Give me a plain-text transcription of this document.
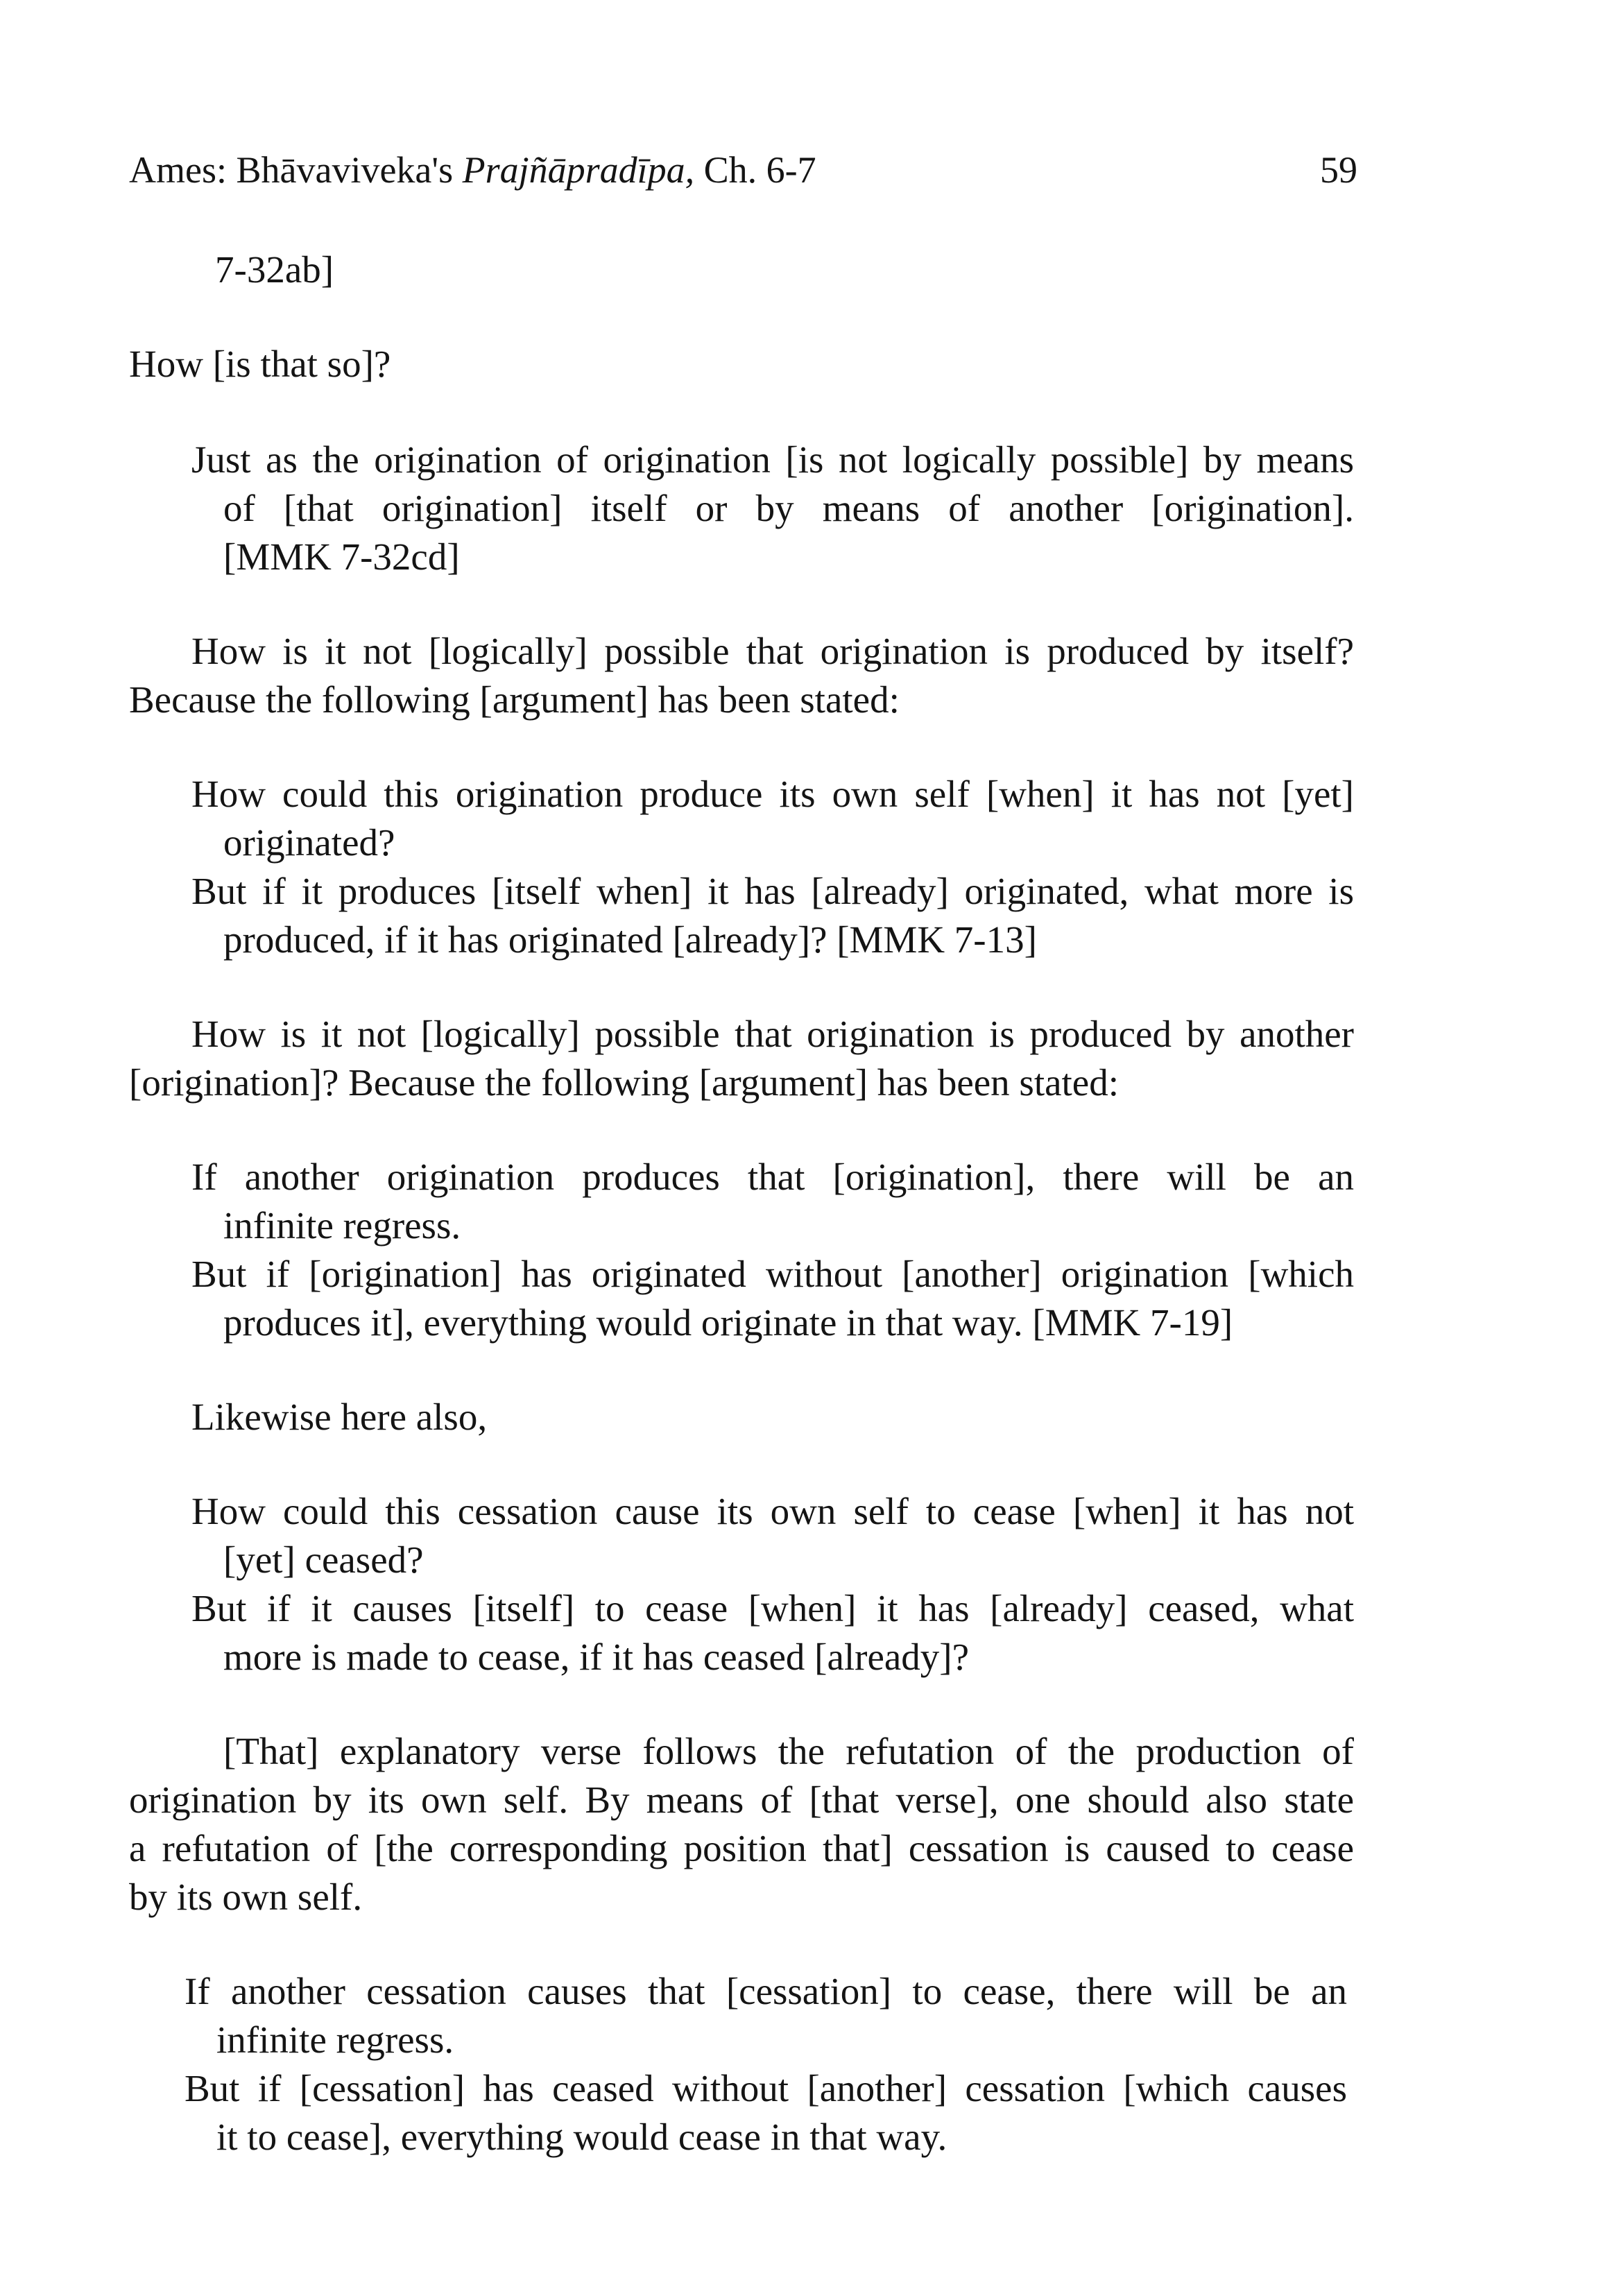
Ames: Bhāvaviveka's Prajñāpradīpa, Ch. 6-7	59
7-32ab]
How [is that so]?
Just as the origination of origination [is not logically possible] by means
of [that origination] itself or by means of another [origination].
[MMK 7-32cd]
How is it not [logically] possible that origination is produced by itself?
Because the following [argument] has been stated:
How could this origination produce its own self [when] it has not [yet]
originated?
But if it produces [itself when] it has [already] originated, what more is
produced, if it has originated [already]? [MMK 7-13]
How is it not [logically] possible that origination is produced by another
[origination]? Because the following [argument] has been stated:
If another origination produces that [origination], there will be an
infinite regress.
But if [origination] has originated without [another] origination [which
produces it], everything would originate in that way. [MMK 7-19]
Likewise here also,
How could this cessation cause its own self to cease [when] it has not
[yet] ceased?
But if it causes [itself] to cease [when] it has [already] ceased, what
more is made to cease, if it has ceased [already]?
[That] explanatory verse follows the refutation of the production of
origination by its own self. By means of [that verse], one should also state
a refutation of [the corresponding position that] cessation is caused to cease
by its own self.
If another cessation causes that [cessation] to cease, there will be an
infinite regress.
But if [cessation] has ceased without [another] cessation [which causes
it to cease], everything would cease in that way.
